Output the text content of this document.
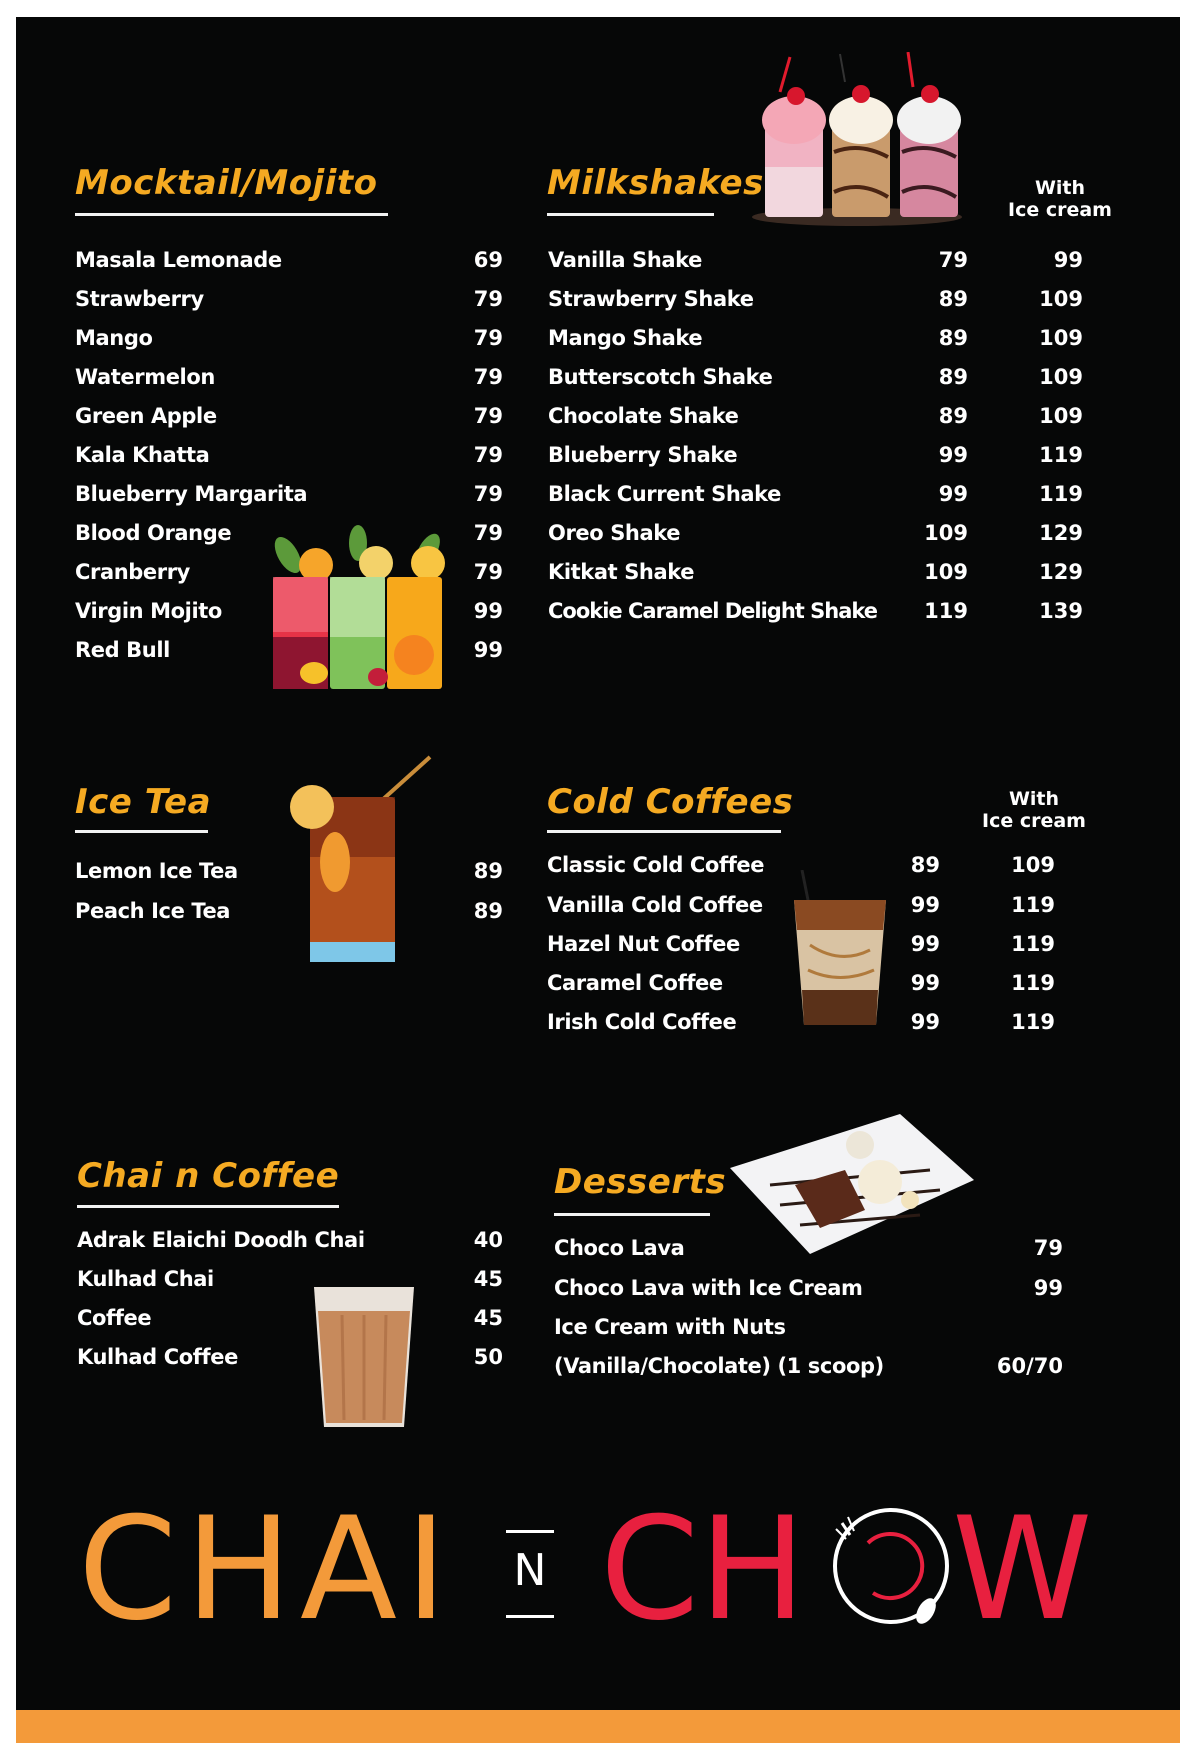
Mocktail/Mojito
Masala Lemonade	69
Strawberry	79
Mango	79
Watermelon	79
Green Apple	79
Kala Khatta	79
Blueberry Margarita	79
Blood Orange	79
Cranberry	79
Virgin Mojito	99
Red Bull	99
Milkshakes	With
Ice cream
Vanilla Shake	79	99
Strawberry Shake	89	109
Mango Shake	89	109
Butterscotch Shake	89	109
Chocolate Shake	89	109
Blueberry Shake	99	119
Black Current Shake	99	119
Oreo Shake	109	129
Kitkat Shake	109	129
Cookie Caramel Delight Shake	119	139
Ice Tea
Lemon Ice Tea	89
Peach Ice Tea	89
Cold Coffees	With
Ice cream
Classic Cold Coffee	89	109
Vanilla Cold Coffee	99	119
Hazel Nut Coffee	99	119
Caramel Coffee	99	119
Irish Cold Coffee	99	119
Chai n Coffee
Adrak Elaichi Doodh Chai	40
Kulhad Chai	45
Coffee	45
Kulhad Coffee	50
Desserts
Choco Lava	79
Choco Lava with Ice Cream	99
Ice Cream with Nuts
(Vanilla/Chocolate) (1 scoop)	60/70
CHAI N CH W
